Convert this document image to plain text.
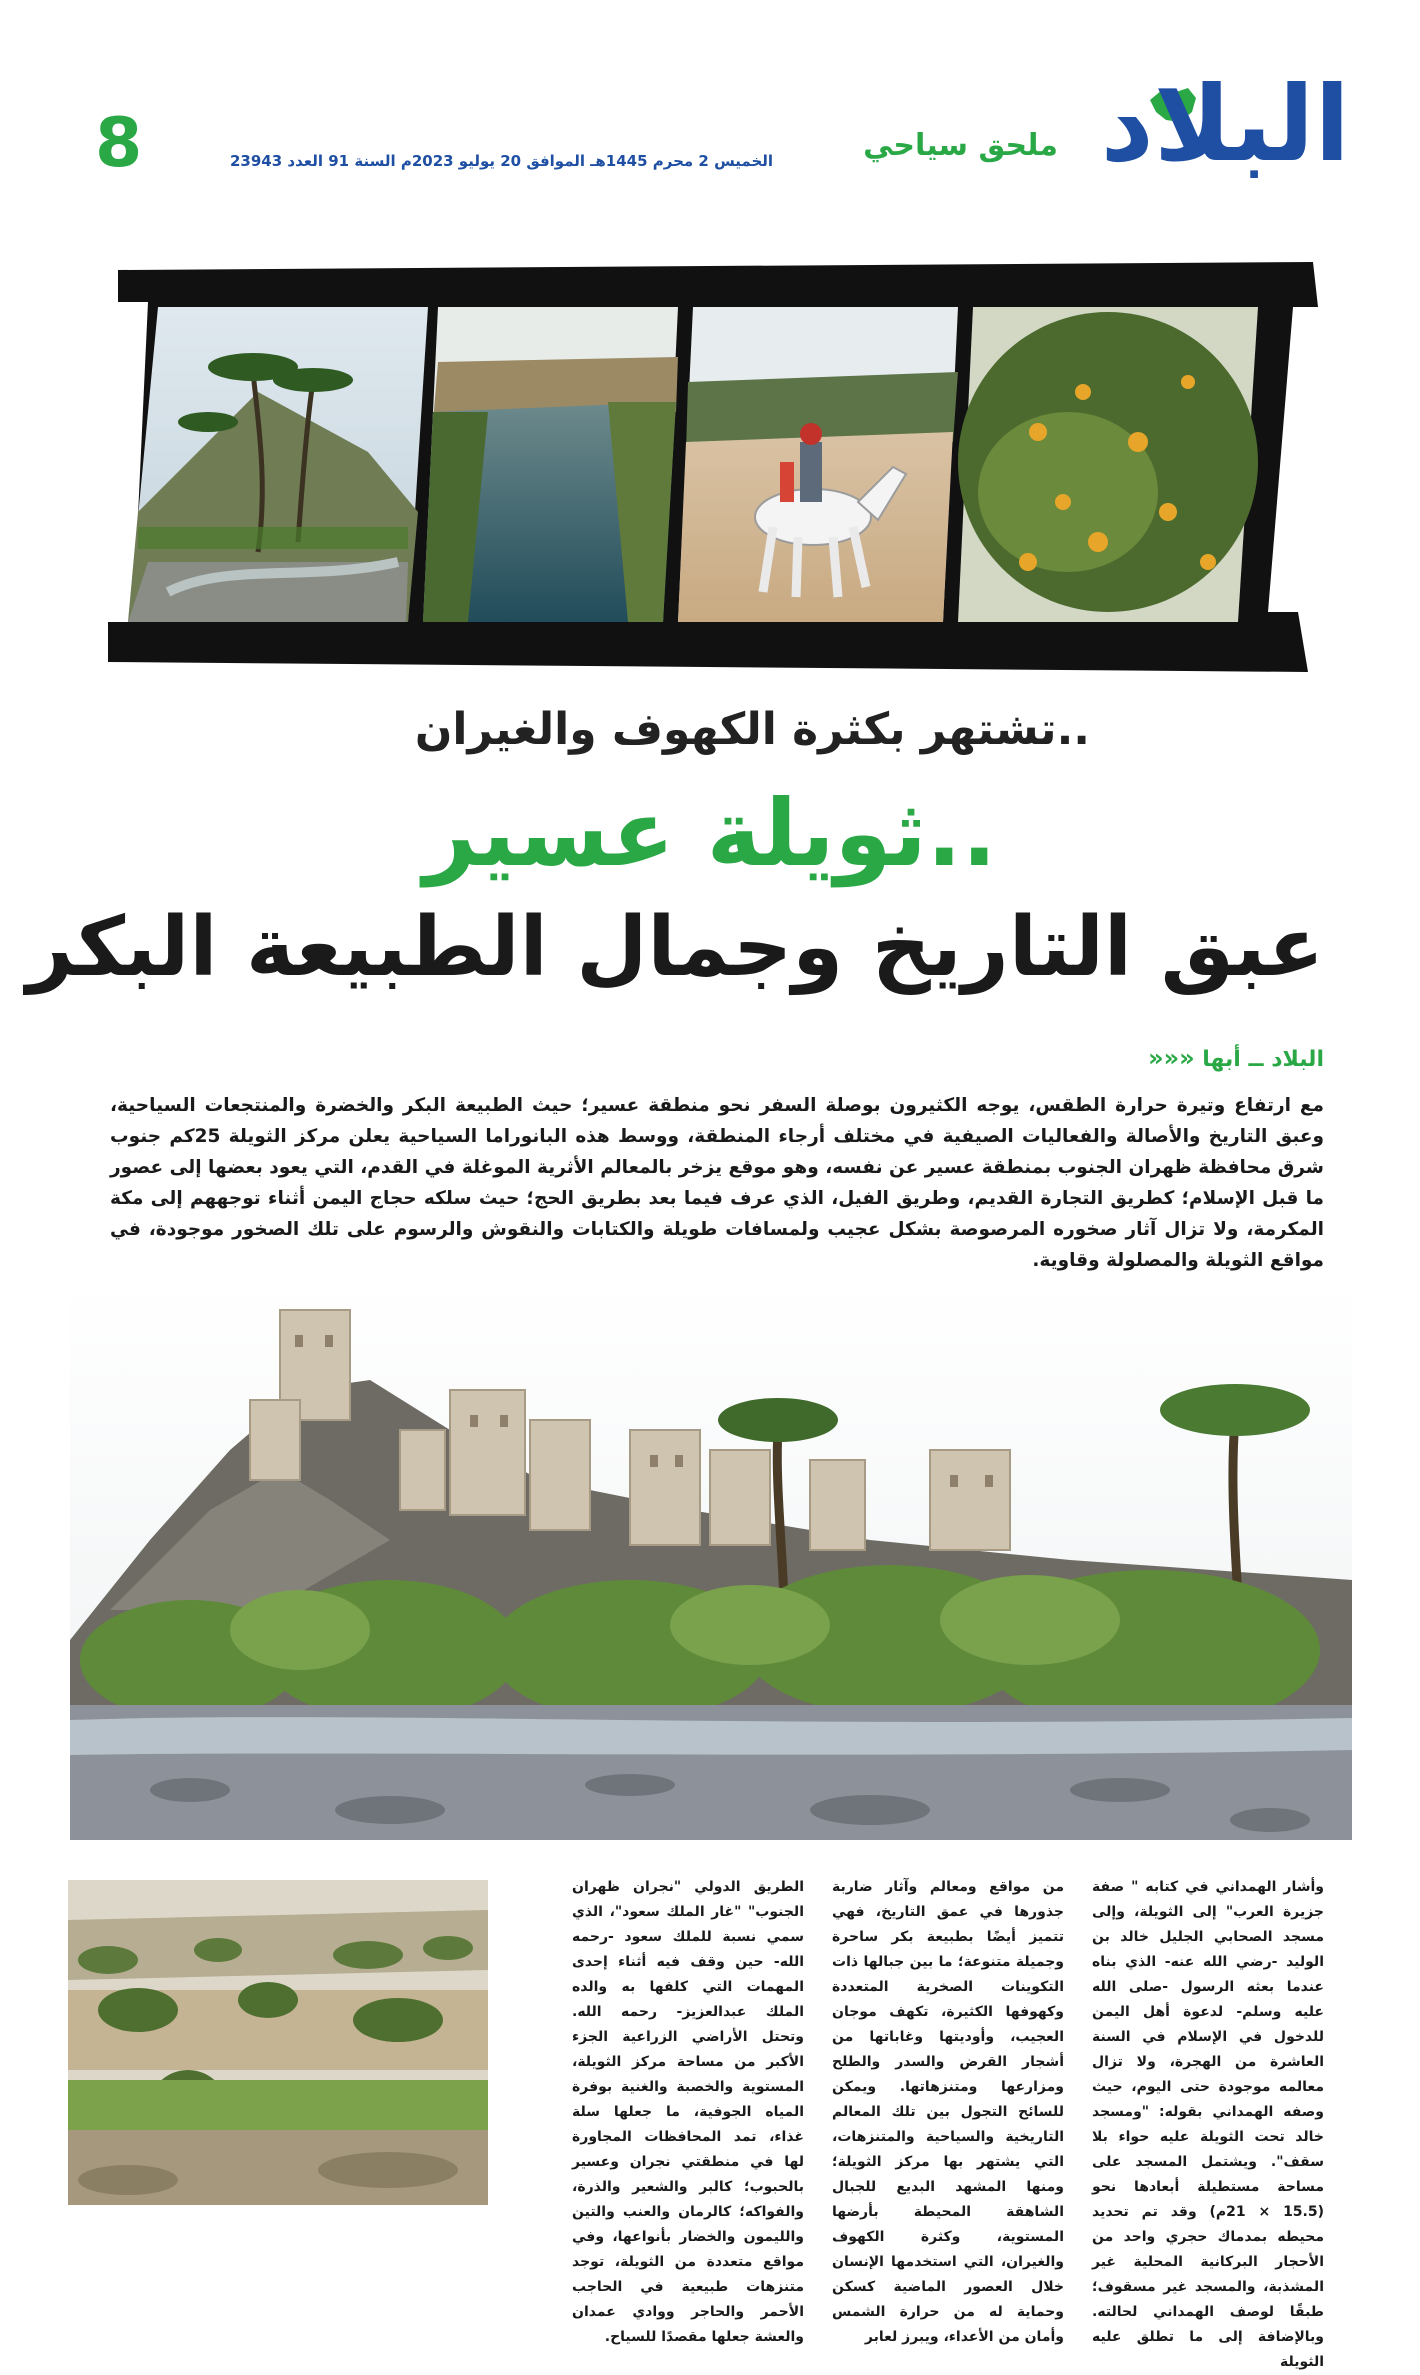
البلاد
ملحق سياحي
الخميس 2 محرم 1445هـ الموافق 20 يوليو 2023م السنة 91 العدد 23943
8
تشتهر بكثرة الكهوف والغيران..
ثويلة عسير..
عبق التاريخ وجمال الطبيعة البكر
البلاد ــ أبها «««
مع ارتفاع وتيرة حرارة الطقس، يوجه الكثيرون بوصلة السفر نحو منطقة عسير؛ حيث الطبيعة البكر والخضرة والمنتجعات السياحية، وعبق التاريخ والأصالة والفعاليات الصيفية في مختلف أرجاء المنطقة، ووسط هذه البانوراما السياحية يعلن مركز الثويلة 25كم جنوب شرق محافظة ظهران الجنوب بمنطقة عسير عن نفسه، وهو موقع يزخر بالمعالم الأثرية الموغلة في القدم، التي يعود بعضها إلى عصور ما قبل الإسلام؛ كطريق التجارة القديم، وطريق الفيل، الذي عرف فيما بعد بطريق الحج؛ حيث سلكه حجاج اليمن أثناء توجههم إلى مكة المكرمة، ولا تزال آثار صخوره المرصوصة بشكل عجيب ولمسافات طويلة والكتابات والنقوش والرسوم على تلك الصخور موجودة، في مواقع الثويلة والمصلولة وقاوية.
وأشار الهمداني في كتابه " صفة جزيرة العرب" إلى الثويلة، وإلى مسجد الصحابي الجليل خالد بن الوليد -رضي الله عنه- الذي بناه عندما بعثه الرسول -صلى الله عليه وسلم- لدعوة أهل اليمن للدخول في الإسلام في السنة العاشرة من الهجرة، ولا تزال معالمه موجودة حتى اليوم، حيث وصفه الهمداني بقوله: "ومسجد خالد تحت الثويلة عليه حواء بلا سقف". ويشتمل المسجد على مساحة مستطيلة أبعادها نحو (15.5 × 21م) وقد تم تحديد محيطه بمدماك حجري واحد من الأحجار البركانية المحلية غير المشذبة، والمسجد غير مسقوف؛ طبقًا لوصف الهمداني لحالته. وبالإضافة إلى ما تطلق عليه الثويلة
من مواقع ومعالم وآثار ضاربة جذورها في عمق التاريخ، فهي تتميز أيضًا بطبيعة بكر ساحرة وجميلة متنوعة؛ ما بين جبالها ذات التكوينات الصخرية المتعددة وكهوفها الكثيرة، تكهف موجان العجيب، وأوديتها وغاباتها من أشجار القرض والسدر والطلح ومزارعها ومتنزهاتها. ويمكن للسائح التجول بين تلك المعالم التاريخية والسياحية والمتنزهات، التي يشتهر بها مركز الثويلة؛ ومنها المشهد البديع للجبال الشاهقة المحيطة بأرضها المستوية، وكثرة الكهوف والغيران، التي استخدمها الإنسان خلال العصور الماضية كسكن وحماية له من حرارة الشمس وأمان من الأعداء، ويبرز لعابر
الطريق الدولي "نجران ظهران الجنوب" "غار الملك سعود"، الذي سمي نسبة للملك سعود -رحمه الله- حين وقف فيه أثناء إحدى المهمات التي كلفها به والده الملك عبدالعزيز- رحمه الله. وتحتل الأراضي الزراعية الجزء الأكبر من مساحة مركز الثويلة، المستوية والخصبة والغنية بوفرة المياه الجوفية، ما جعلها سلة غذاء، تمد المحافظات المجاورة لها في منطقتي نجران وعسير بالحبوب؛ كالبر والشعير والذرة، والفواكه؛ كالرمان والعنب والتين والليمون والخضار بأنواعها، وفي مواقع متعددة من الثويلة، توجد متنزهات طبيعية في الحاجب الأحمر والحاجر ووادي عمدان والعشة جعلها مقصدًا للسياح.
